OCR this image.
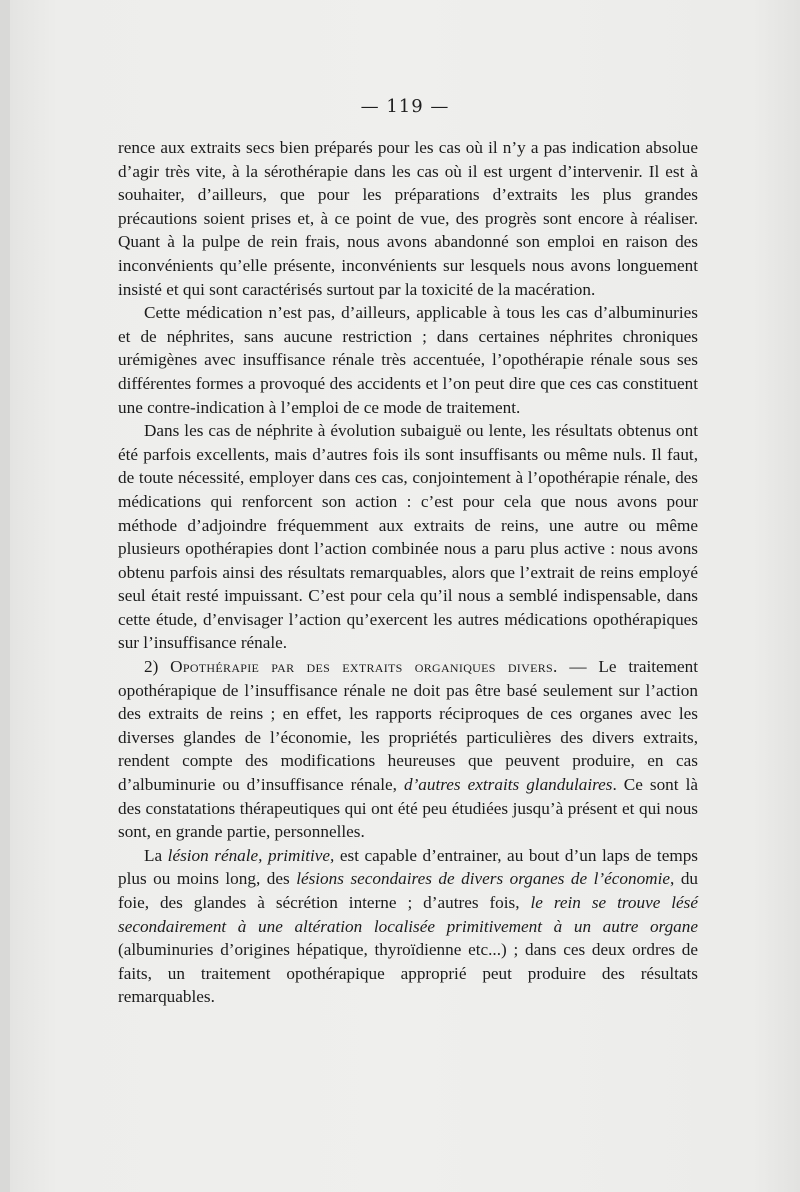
— 119 —

rence aux extraits secs bien préparés pour les cas où il n’y a pas indication absolue d’agir très vite, à la sérothérapie dans les cas où il est urgent d’intervenir. Il est à souhaiter, d’ailleurs, que pour les préparations d’extraits les plus grandes précautions soient prises et, à ce point de vue, des progrès sont encore à réaliser. Quant à la pulpe de rein frais, nous avons abandonné son emploi en raison des inconvénients qu’elle présente, inconvénients sur lesquels nous avons longuement insisté et qui sont caractérisés surtout par la toxicité de la macération.

Cette médication n’est pas, d’ailleurs, applicable à tous les cas d’albuminuries et de néphrites, sans aucune restriction ; dans certaines néphrites chroniques urémigènes avec insuffisance rénale très accentuée, l’opothérapie rénale sous ses différentes formes a provoqué des accidents et l’on peut dire que ces cas constituent une contre-indication à l’emploi de ce mode de traitement.

Dans les cas de néphrite à évolution subaiguë ou lente, les résultats obtenus ont été parfois excellents, mais d’autres fois ils sont insuffisants ou même nuls. Il faut, de toute nécessité, employer dans ces cas, conjointement à l’opothérapie rénale, des médications qui renforcent son action : c’est pour cela que nous avons pour méthode d’adjoindre fréquemment aux extraits de reins, une autre ou même plusieurs opothérapies dont l’action combinée nous a paru plus active : nous avons obtenu parfois ainsi des résultats remarquables, alors que l’extrait de reins employé seul était resté impuissant. C’est pour cela qu’il nous a semblé indispensable, dans cette étude, d’envisager l’action qu’exercent les autres médications opothérapiques sur l’insuffisance rénale.

2) Opothérapie par des extraits organiques divers. — Le traitement opothérapique de l’insuffisance rénale ne doit pas être basé seulement sur l’action des extraits de reins ; en effet, les rapports réciproques de ces organes avec les diverses glandes de l’économie, les propriétés particulières des divers extraits, rendent compte des modifications heureuses que peuvent produire, en cas d’albuminurie ou d’insuffisance rénale, d’autres extraits glandulaires. Ce sont là des constatations thérapeutiques qui ont été peu étudiées jusqu’à présent et qui nous sont, en grande partie, personnelles.

La lésion rénale, primitive, est capable d’entrainer, au bout d’un laps de temps plus ou moins long, des lésions secondaires de divers organes de l’économie, du foie, des glandes à sécrétion interne ; d’autres fois, le rein se trouve lésé secondairement à une altération localisée primitivement à un autre organe (albuminuries d’origines hépatique, thyroïdienne etc...) ; dans ces deux ordres de faits, un traitement opothérapique approprié peut produire des résultats remarquables.
